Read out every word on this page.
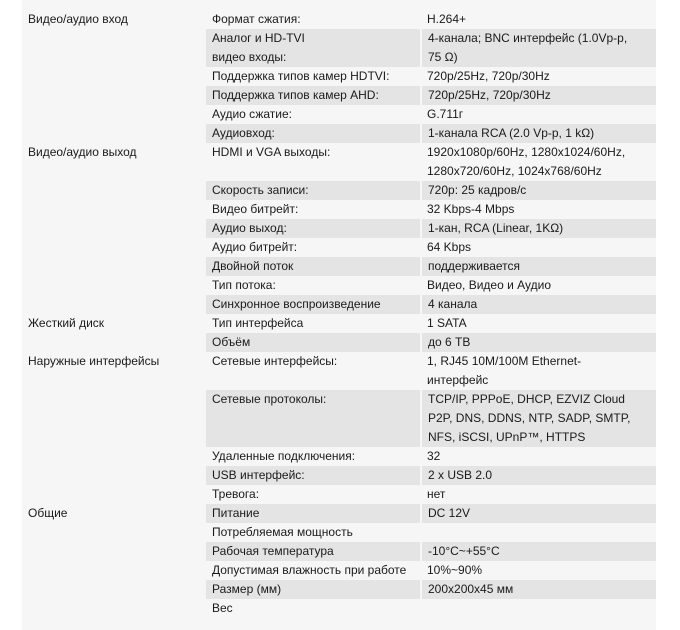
Видео/аудио вход	Формат сжатия:	H.264+
	Аналог и HD-TVI	4-канала; BNC интерфейс (1.0Vp-p,
	видео входы:	75 Ω)
	Поддержка типов камер HDTVI:	720p/25Hz, 720p/30Hz
	Поддержка типов камер AHD:	720p/25Hz, 720p/30Hz
	Аудио сжатие:	G.711г
	Аудиовход:	1-канала RCA (2.0 Vp-p, 1 kΩ)
Видео/аудио выход	HDMI и VGA выходы:	1920x1080p/60Hz, 1280x1024/60Hz,
		1280x720/60Hz, 1024x768/60Hz
	Скорость записи:	720p: 25 кадров/с
	Видео битрейт:	32 Kbps-4 Mbps
	Аудио выход:	1-кан, RCA (Linear, 1KΩ)
	Аудио битрейт:	64 Kbps
	Двойной поток	поддерживается
	Тип потока:	Видео, Видео и Аудио
	Синхронное воспроизведение	4 канала
Жесткий диск	Тип интерфейса	1 SATA
	Объём	до 6 TB
Наружные интерфейсы	Сетевые интерфейсы:	1, RJ45 10M/100M Ethernet-
		интерфейс
	Сетевые протоколы:	TCP/IP, PPPoE, DHCP, EZVIZ Cloud
		P2P, DNS, DDNS, NTP, SADP, SMTP,
		NFS, iSCSI, UPnP™, HTTPS
	Удаленные подключения:	32
	USB интерфейс:	2 x USB 2.0
	Тревога:	нет
Общие	Питание	DC 12V
	Потребляемая мощность	
	Рабочая температура	-10°C~+55°C
	Допустимая влажность при работе	10%~90%
	Размер (мм)	200x200x45 мм
	Вес	
